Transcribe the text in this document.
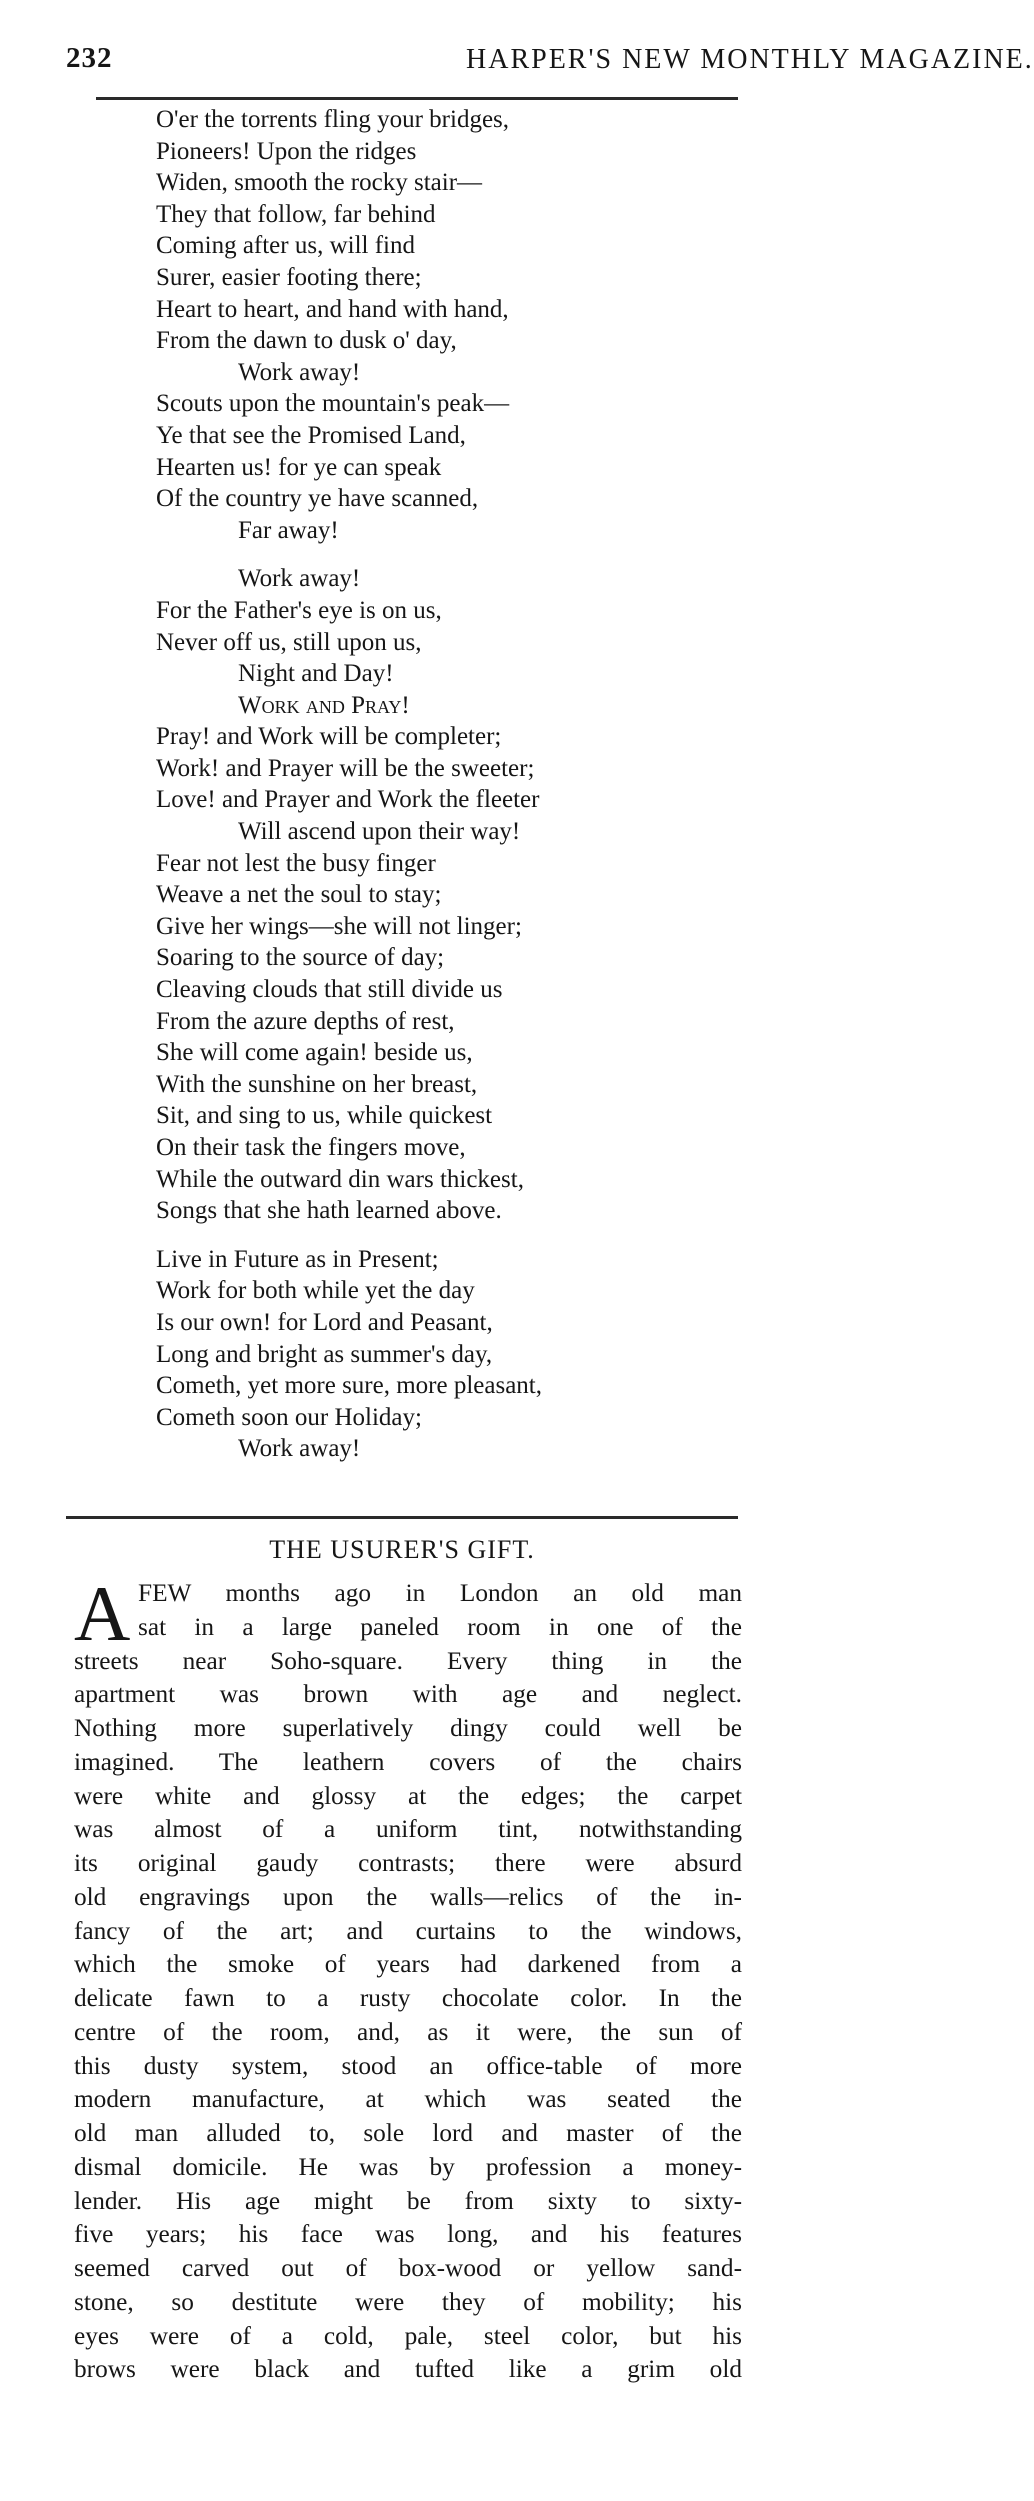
232	HARPER'S NEW MONTHLY MAGAZINE.
O'er the torrents fling your bridges,
Pioneers! Upon the ridges
Widen, smooth the rocky stair—
They that follow, far behind
Coming after us, will find
Surer, easier footing there;
Heart to heart, and hand with hand,
From the dawn to dusk o' day,
Work away!
Scouts upon the mountain's peak—
Ye that see the Promised Land,
Hearten us! for ye can speak
Of the country ye have scanned,
Far away!
Work away!
For the Father's eye is on us,
Never off us, still upon us,
Night and Day!
Work and Pray!
Pray! and Work will be completer;
Work! and Prayer will be the sweeter;
Love! and Prayer and Work the fleeter
Will ascend upon their way!
Fear not lest the busy finger
Weave a net the soul to stay;
Give her wings—she will not linger;
Soaring to the source of day;
Cleaving clouds that still divide us
From the azure depths of rest,
She will come again! beside us,
With the sunshine on her breast,
Sit, and sing to us, while quickest
On their task the fingers move,
While the outward din wars thickest,
Songs that she hath learned above.
Live in Future as in Present;
Work for both while yet the day
Is our own! for Lord and Peasant,
Long and bright as summer's day,
Cometh, yet more sure, more pleasant,
Cometh soon our Holiday;
Work away!
THE USURER'S GIFT.
A FEW months ago in London an old man
sat in a large paneled room in one of the
streets near Soho-square. Every thing in the
apartment was brown with age and neglect.
Nothing more superlatively dingy could well be
imagined. The leathern covers of the chairs
were white and glossy at the edges; the carpet
was almost of a uniform tint, notwithstanding
its original gaudy contrasts; there were absurd
old engravings upon the walls—relics of the in-
fancy of the art; and curtains to the windows,
which the smoke of years had darkened from a
delicate fawn to a rusty chocolate color. In the
centre of the room, and, as it were, the sun of
this dusty system, stood an office-table of more
modern manufacture, at which was seated the
old man alluded to, sole lord and master of the
dismal domicile. He was by profession a money-
lender. His age might be from sixty to sixty-
five years; his face was long, and his features
seemed carved out of box-wood or yellow sand-
stone, so destitute were they of mobility; his
eyes were of a cold, pale, steel color, but his
brows were black and tufted like a grim old
